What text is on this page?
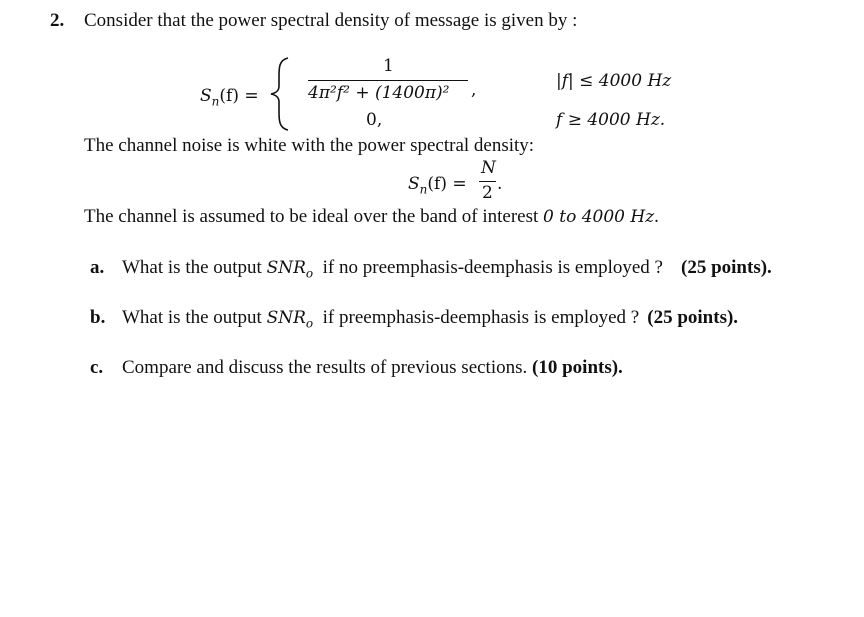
2. Consider that the power spectral density of message is given by :
$S_n(f)$ =
1
4π²f² + (1400π)² ,	|f| ≤ 4000 Hz
0,	f ≥ 4000 Hz.
The channel noise is white with the power spectral density:
$S_n(f)$ =
N
2 .
The channel is assumed to be ideal over the band of interest 0 to 4000 Hz.
a. What is the output $SNR_o$  if no preemphasis-deemphasis is employed ? (25 points).
b. What is the output $SNR_o$  if preemphasis-deemphasis is employed ? (25 points).
c. Compare and discuss the results of previous sections. (10 points).
